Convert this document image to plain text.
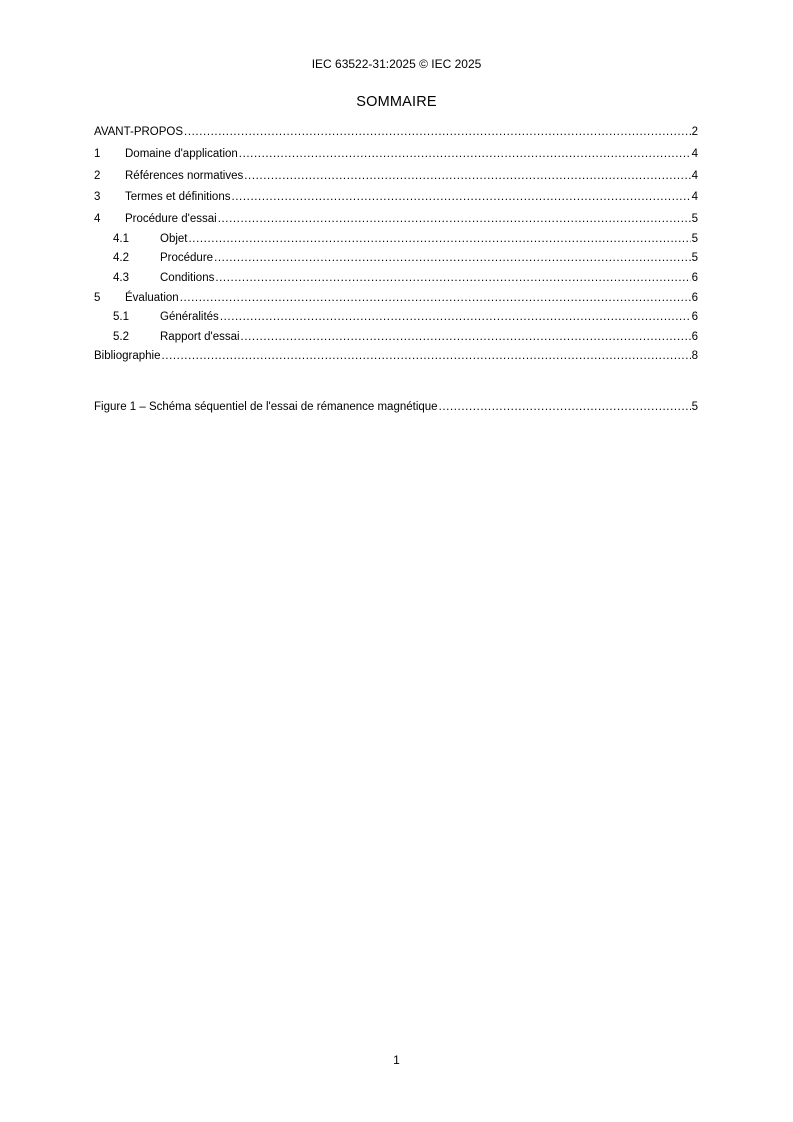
IEC 63522-31:2025 © IEC 2025
SOMMAIRE
AVANT-PROPOS .....	2
1	Domaine d'application .....	4
2	Références normatives .....	4
3	Termes et définitions .....	4
4	Procédure d'essai .....	5
4.1	Objet .....	5
4.2	Procédure .....	5
4.3	Conditions .....	6
5	Évaluation .....	6
5.1	Généralités .....	6
5.2	Rapport d'essai .....	6
Bibliographie .....	8
Figure 1 – Schéma séquentiel de l'essai de rémanence magnétique .....	5
1
